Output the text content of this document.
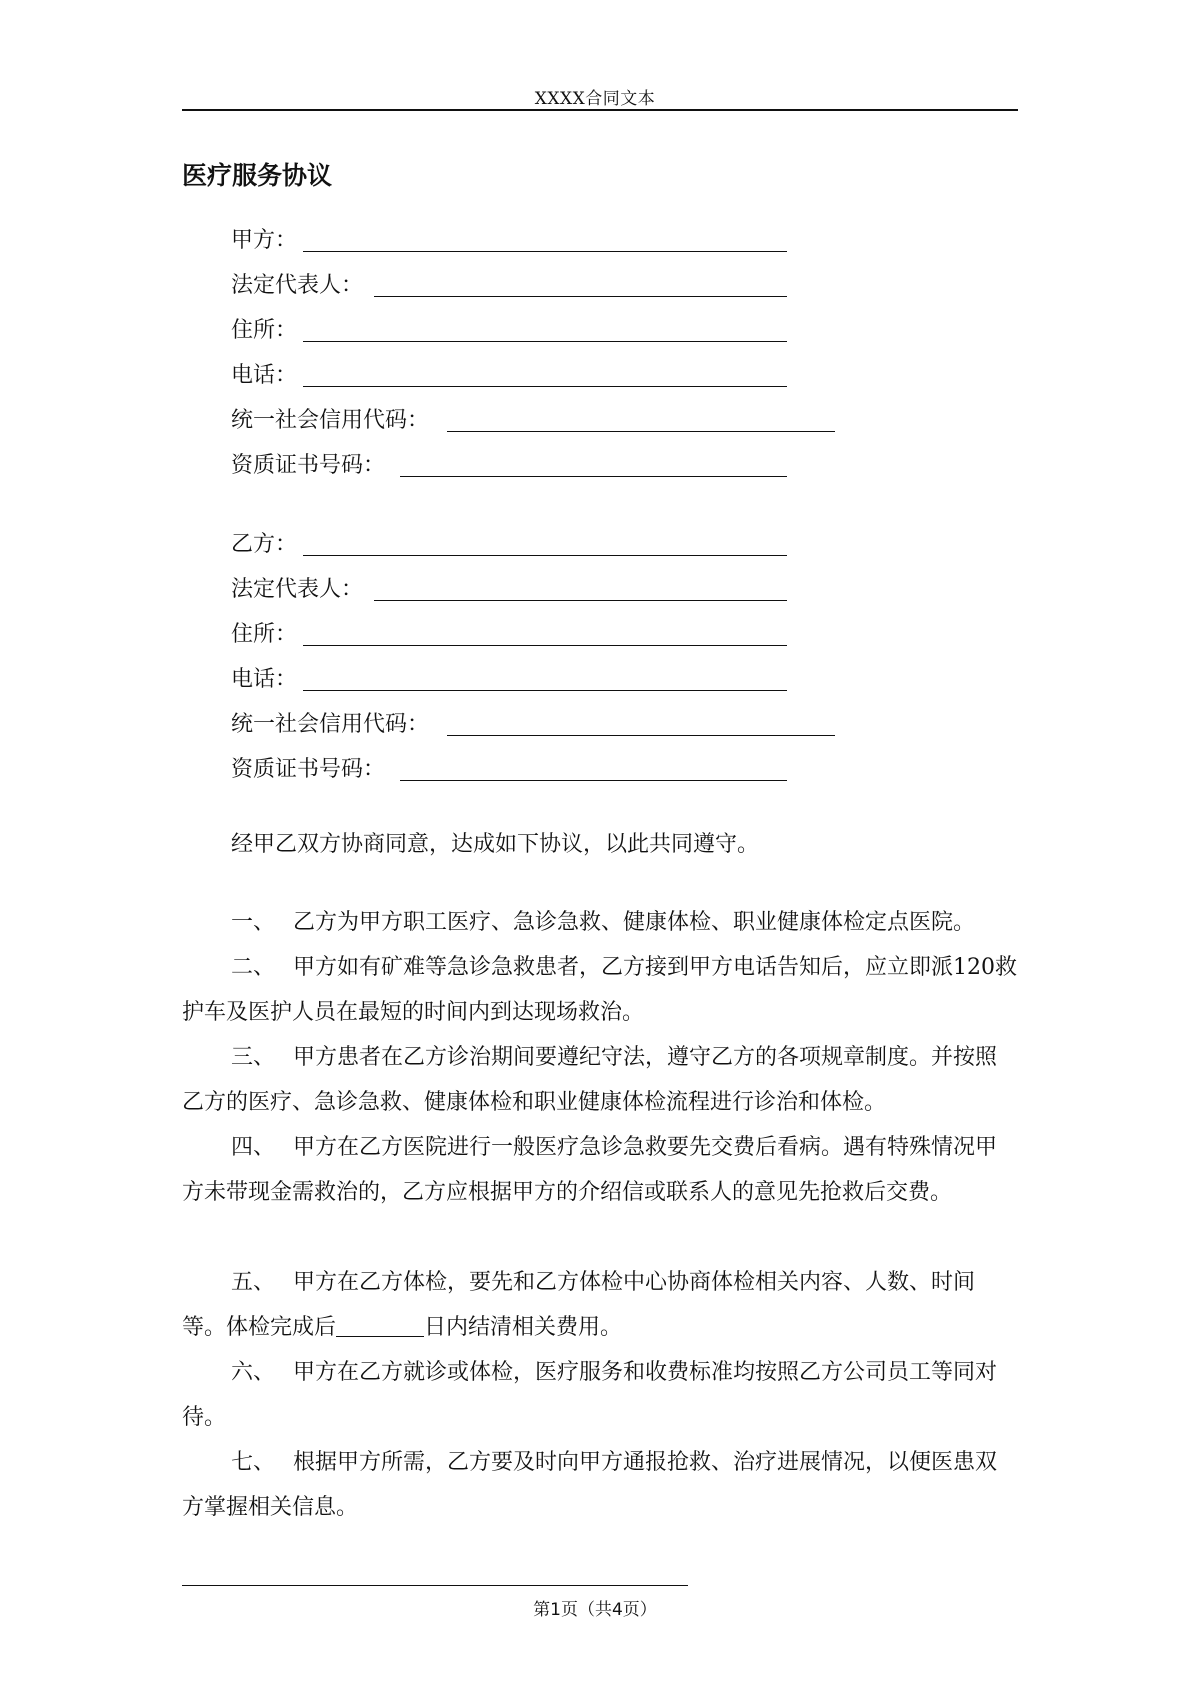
XXXX合同文本
医疗服务协议
甲方：
法定代表人：
住所：
电话：
统一社会信用代码：
资质证书号码：
乙方：
法定代表人：
住所：
电话：
统一社会信用代码：
资质证书号码：
经甲乙双方协商同意，达成如下协议，以此共同遵守。
一、 乙方为甲方职工医疗、急诊急救、健康体检、职业健康体检定点医院。
二、 甲方如有矿难等急诊急救患者，乙方接到甲方电话告知后，应立即派120救护车及医护人员在最短的时间内到达现场救治。
三、 甲方患者在乙方诊治期间要遵纪守法，遵守乙方的各项规章制度。并按照乙方的医疗、急诊急救、健康体检和职业健康体检流程进行诊治和体检。
四、 甲方在乙方医院进行一般医疗急诊急救要先交费后看病。遇有特殊情况甲方未带现金需救治的，乙方应根据甲方的介绍信或联系人的意见先抢救后交费。
五、 甲方在乙方体检，要先和乙方体检中心协商体检相关内容、人数、时间等。体检完成后	日内结清相关费用。
六、 甲方在乙方就诊或体检，医疗服务和收费标准均按照乙方公司员工等同对待。
七、 根据甲方所需，乙方要及时向甲方通报抢救、治疗进展情况，以便医患双方掌握相关信息。
第1页（共4页）
